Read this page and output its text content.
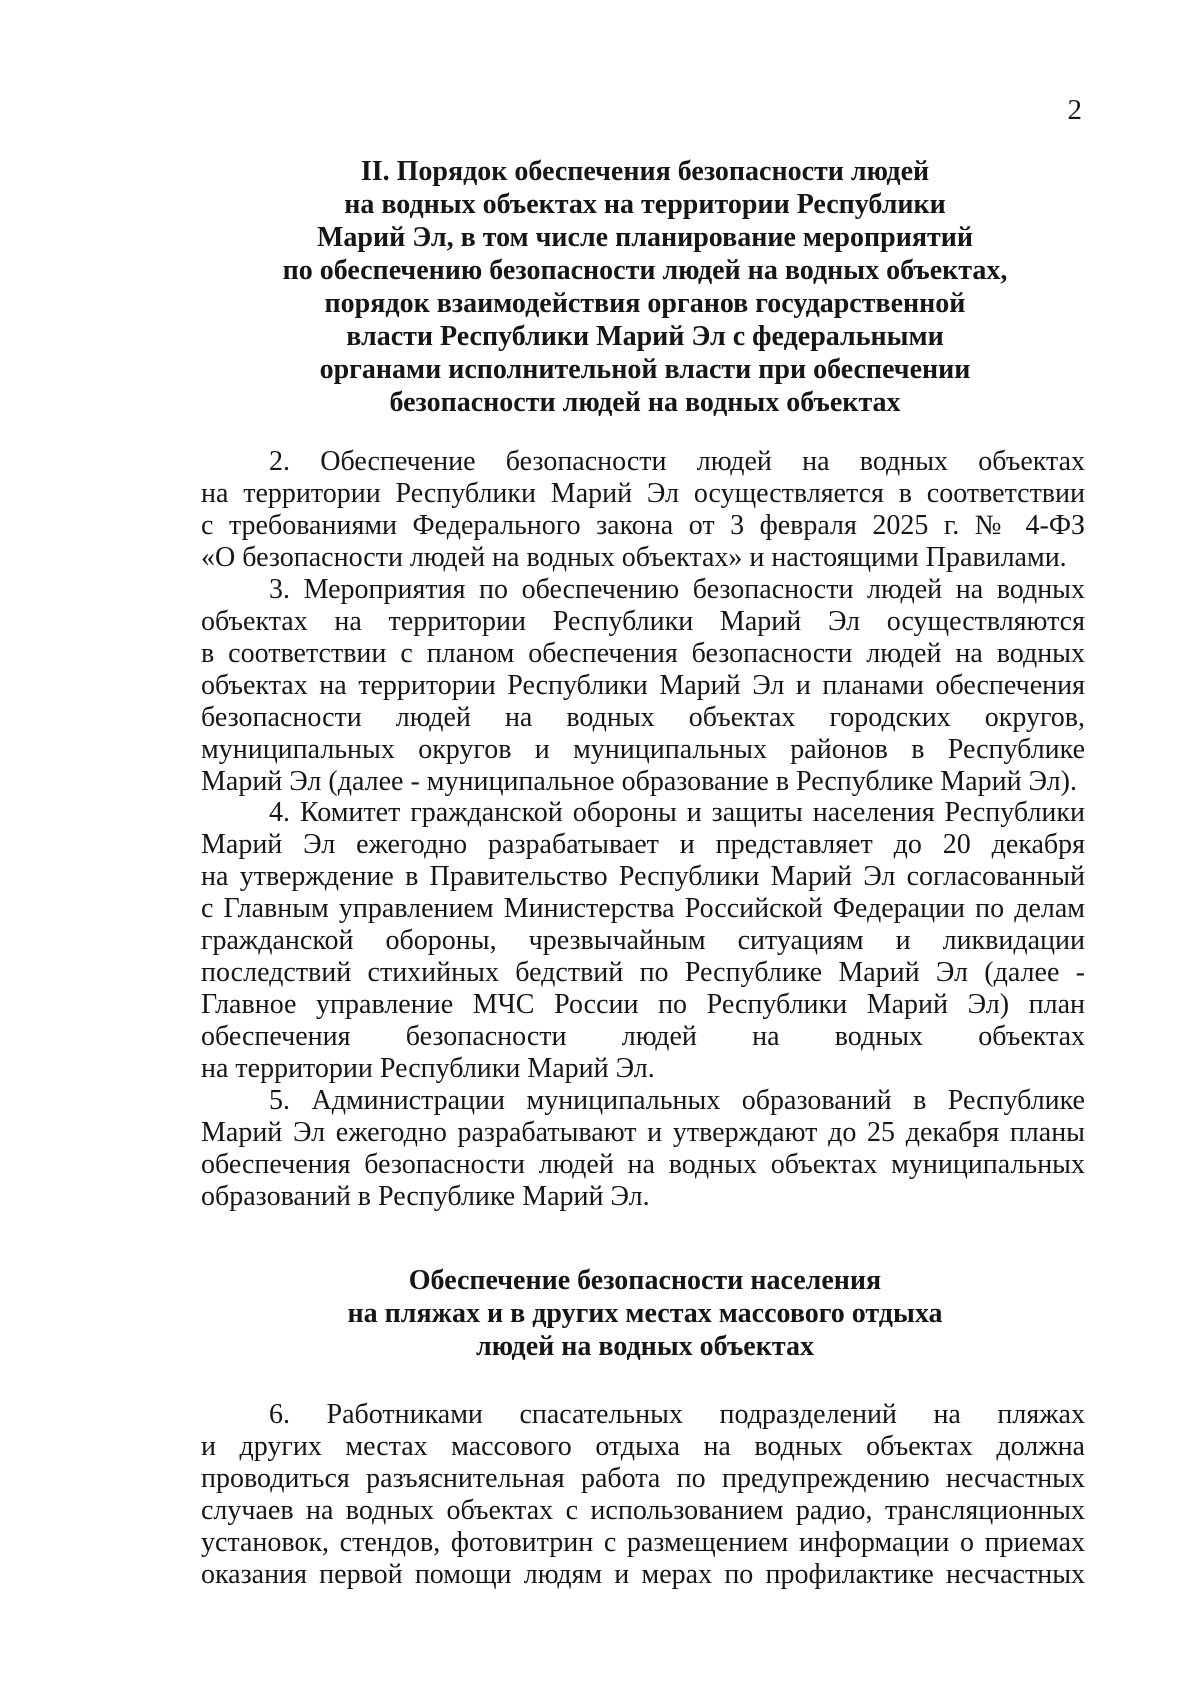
2
II. Порядок обеспечения безопасности людей
на водных объектах на территории Республики
Марий Эл, в том числе планирование мероприятий
по обеспечению безопасности людей на водных объектах,
порядок взаимодействия органов государственной
власти Республики Марий Эл с федеральными
органами исполнительной власти при обеспечении
безопасности людей на водных объектах
2. Обеспечение безопасности людей на водных объектах
на территории Республики Марий Эл осуществляется в соответствии
с требованиями Федерального закона от 3 февраля 2025 г. № 4-ФЗ
«О безопасности людей на водных объектах» и настоящими Правилами.
3. Мероприятия по обеспечению безопасности людей на водных
объектах на территории Республики Марий Эл осуществляются
в соответствии с планом обеспечения безопасности людей на водных
объектах на территории Республики Марий Эл и планами обеспечения
безопасности людей на водных объектах городских округов,
муниципальных округов и муниципальных районов в Республике
Марий Эл (далее - муниципальное образование в Республике Марий Эл).
4. Комитет гражданской обороны и защиты населения Республики
Марий Эл ежегодно разрабатывает и представляет до 20 декабря
на утверждение в Правительство Республики Марий Эл согласованный
с Главным управлением Министерства Российской Федерации по делам
гражданской обороны, чрезвычайным ситуациям и ликвидации
последствий стихийных бедствий по Республике Марий Эл (далее -
Главное управление МЧС России по Республики Марий Эл) план
обеспечения безопасности людей на водных объектах
на территории Республики Марий Эл.
5. Администрации муниципальных образований в Республике
Марий Эл ежегодно разрабатывают и утверждают до 25 декабря планы
обеспечения безопасности людей на водных объектах муниципальных
образований в Республике Марий Эл.
Обеспечение безопасности населения
на пляжах и в других местах массового отдыха
людей на водных объектах
6. Работниками спасательных подразделений на пляжах
и других местах массового отдыха на водных объектах должна
проводиться разъяснительная работа по предупреждению несчастных
случаев на водных объектах с использованием радио, трансляционных
установок, стендов, фотовитрин с размещением информации о приемах
оказания первой помощи людям и мерах по профилактике несчастных
